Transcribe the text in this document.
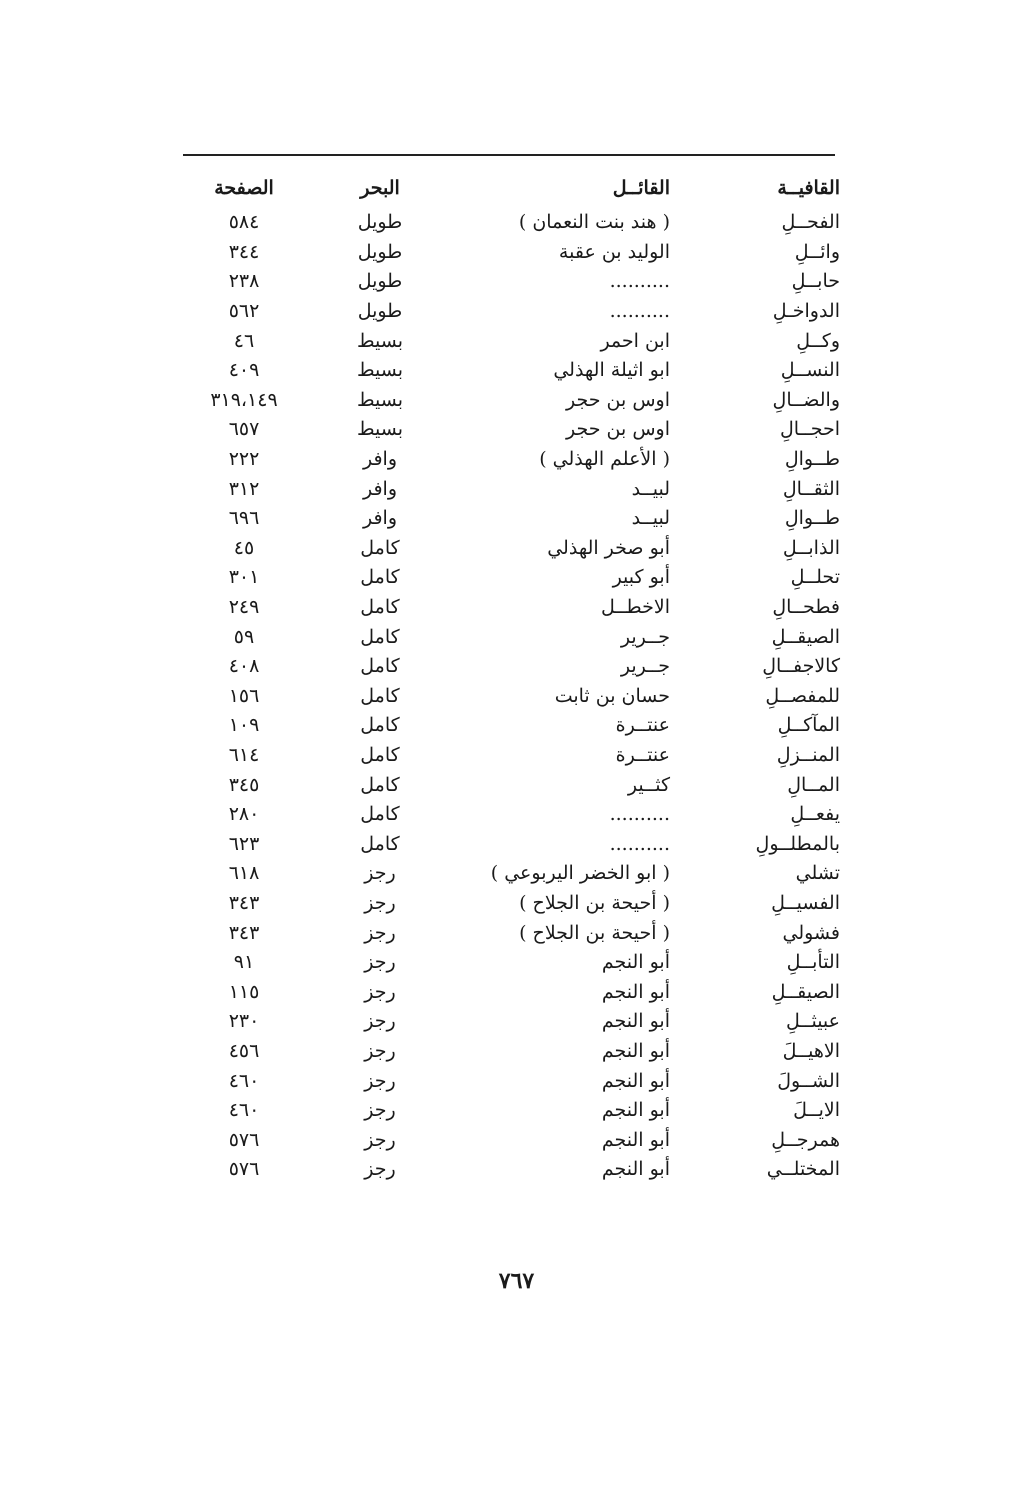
القافيــة
القائــل
البحر
الصفحة
الفحــلِ
( هند بنت النعمان )
طويل
٥٨٤
وائــلِ
الوليد بن عقبة
طويل
٣٤٤
حابــلِ
..........
طويل
٢٣٨
الدواخـلِ
..........
طويل
٥٦٢
وكــلِ
ابن احمر
بسيط
٤٦
النســلِ
ابو اثيلة الهذلي
بسيط
٤٠٩
والضــالِ
اوس بن حجر
بسيط
٣١٩،١٤٩
احجــالِ
اوس بن حجر
بسيط
٦٥٧
طــوالِ
( الأعلم الهذلي )
وافر
٢٢٢
الثقــالِ
لبيــد
وافر
٣١٢
طــوالِ
لبيــد
وافر
٦٩٦
الذابــلِ
أبو صخر الهذلي
كامل
٤٥
تحلــلِ
أبو كبير
كامل
٣٠١
فطحــالِ
الاخطــل
كامل
٢٤٩
الصيقــلِ
جــرير
كامل
٥٩
كالاجفــالِ
جــرير
كامل
٤٠٨
للمفصــلِ
حسان بن ثابت
كامل
١٥٦
المآكــلِ
عنتــرة
كامل
١٠٩
المنــزلِ
عنتــرة
كامل
٦١٤
المــالِ
كثــير
كامل
٣٤٥
يفعــلِ
..........
كامل
٢٨٠
بالمطلــولِ
..........
كامل
٦٢٣
تشلي
( ابو الخضر اليربوعي )
رجز
٦١٨
الفسيــلِ
( أحيحة بن الجلاح )
رجز
٣٤٣
فشولي
( أحيحة بن الجلاح )
رجز
٣٤٣
التأبــلِ
أبو النجم
رجز
٩١
الصيقــلِ
أبو النجم
رجز
١١٥
عبيثــلِ
أبو النجم
رجز
٢٣٠
الاهيــلَ
أبو النجم
رجز
٤٥٦
الشــولَ
أبو النجم
رجز
٤٦٠
الايــلَ
أبو النجم
رجز
٤٦٠
همرجــلِ
أبو النجم
رجز
٥٧٦
المختلــي
أبو النجم
رجز
٥٧٦
٧٦٧
